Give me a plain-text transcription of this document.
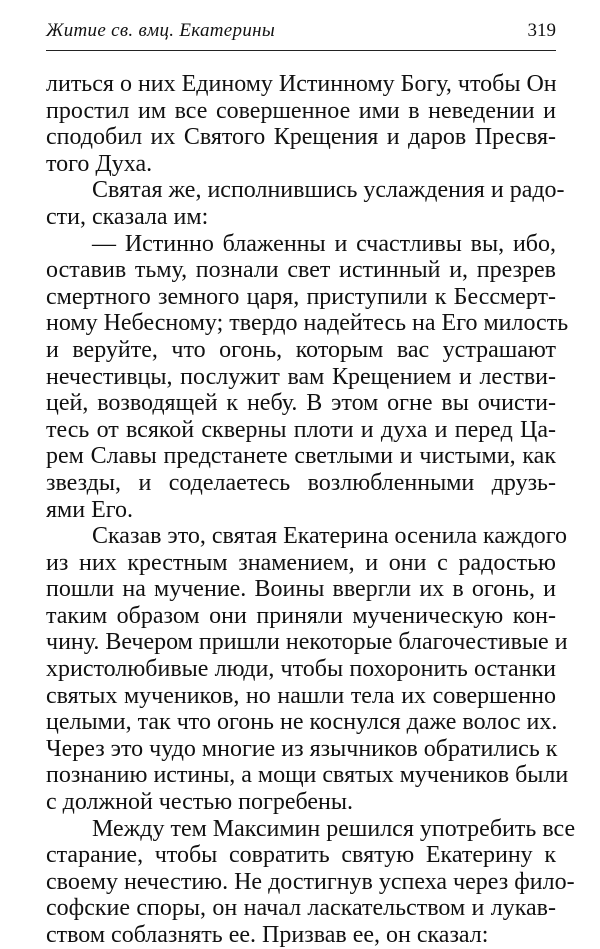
Житие св. вмц. Екатерины	319
литься о них Единому Истинному Богу, чтобы Он
простил им все совершенное ими в неведении и
сподобил их Святого Крещения и даров Пресвя-
того Духа.
Святая же, исполнившись услаждения и радо-
сти, сказала им:
— Истинно блаженны и счастливы вы, ибо,
оставив тьму, познали свет истинный и, презрев
смертного земного царя, приступили к Бессмерт-
ному Небесному; твердо надейтесь на Его милость
и веруйте, что огонь, которым вас устрашают
нечестивцы, послужит вам Крещением и лестви-
цей, возводящей к небу. В этом огне вы очисти-
тесь от всякой скверны плоти и духа и перед Ца-
рем Славы предстанете светлыми и чистыми, как
звезды, и соделаетесь возлюбленными друзь-
ями Его.
Сказав это, святая Екатерина осенила каждого
из них крестным знамением, и они с радостью
пошли на мучение. Воины ввергли их в огонь, и
таким образом они приняли мученическую кон-
чину. Вечером пришли некоторые благочестивые и
христолюбивые люди, чтобы похоронить останки
святых мучеников, но нашли тела их совершенно
целыми, так что огонь не коснулся даже волос их.
Через это чудо многие из язычников обратились к
познанию истины, а мощи святых мучеников были
с должной честью погребены.
Между тем Максимин решился употребить все
старание, чтобы совратить святую Екатерину к
своему нечестию. Не достигнув успеха через фило-
софские споры, он начал ласкательством и лукав-
ством соблазнять ее. Призвав ее, он сказал:
